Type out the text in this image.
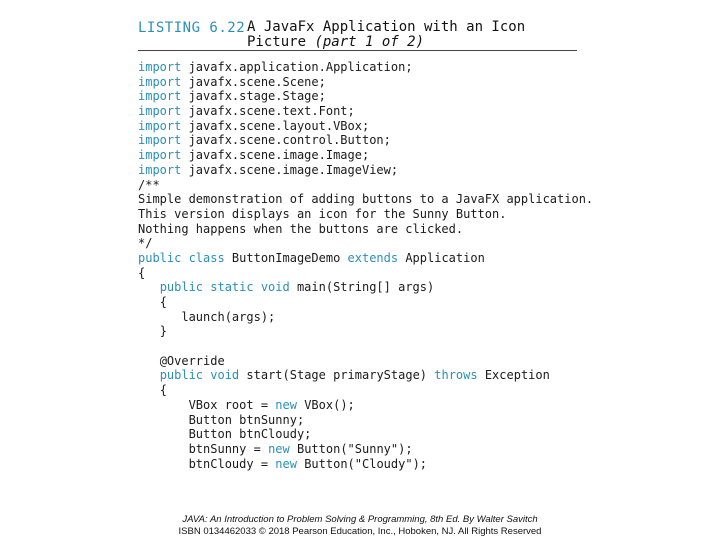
LISTING 6.22 A JavaFx Application with an Icon
Picture (part 1 of 2)
import javafx.application.Application;
import javafx.scene.Scene;
import javafx.stage.Stage;
import javafx.scene.text.Font;
import javafx.scene.layout.VBox;
import javafx.scene.control.Button;
import javafx.scene.image.Image;
import javafx.scene.image.ImageView;
/**
Simple demonstration of adding buttons to a JavaFX application.
This version displays an icon for the Sunny Button.
Nothing happens when the buttons are clicked.
*/
public class ButtonImageDemo extends Application
{
public static void main(String[] args)
{
launch(args);
}

@Override
public void start(Stage primaryStage) throws Exception
{
VBox root = new VBox();
Button btnSunny;
Button btnCloudy;
btnSunny = new Button("Sunny");
btnCloudy = new Button("Cloudy");
JAVA: An Introduction to Problem Solving & Programming, 8th Ed. By Walter Savitch
ISBN 0134462033 © 2018 Pearson Education, Inc., Hoboken, NJ. All Rights Reserved
